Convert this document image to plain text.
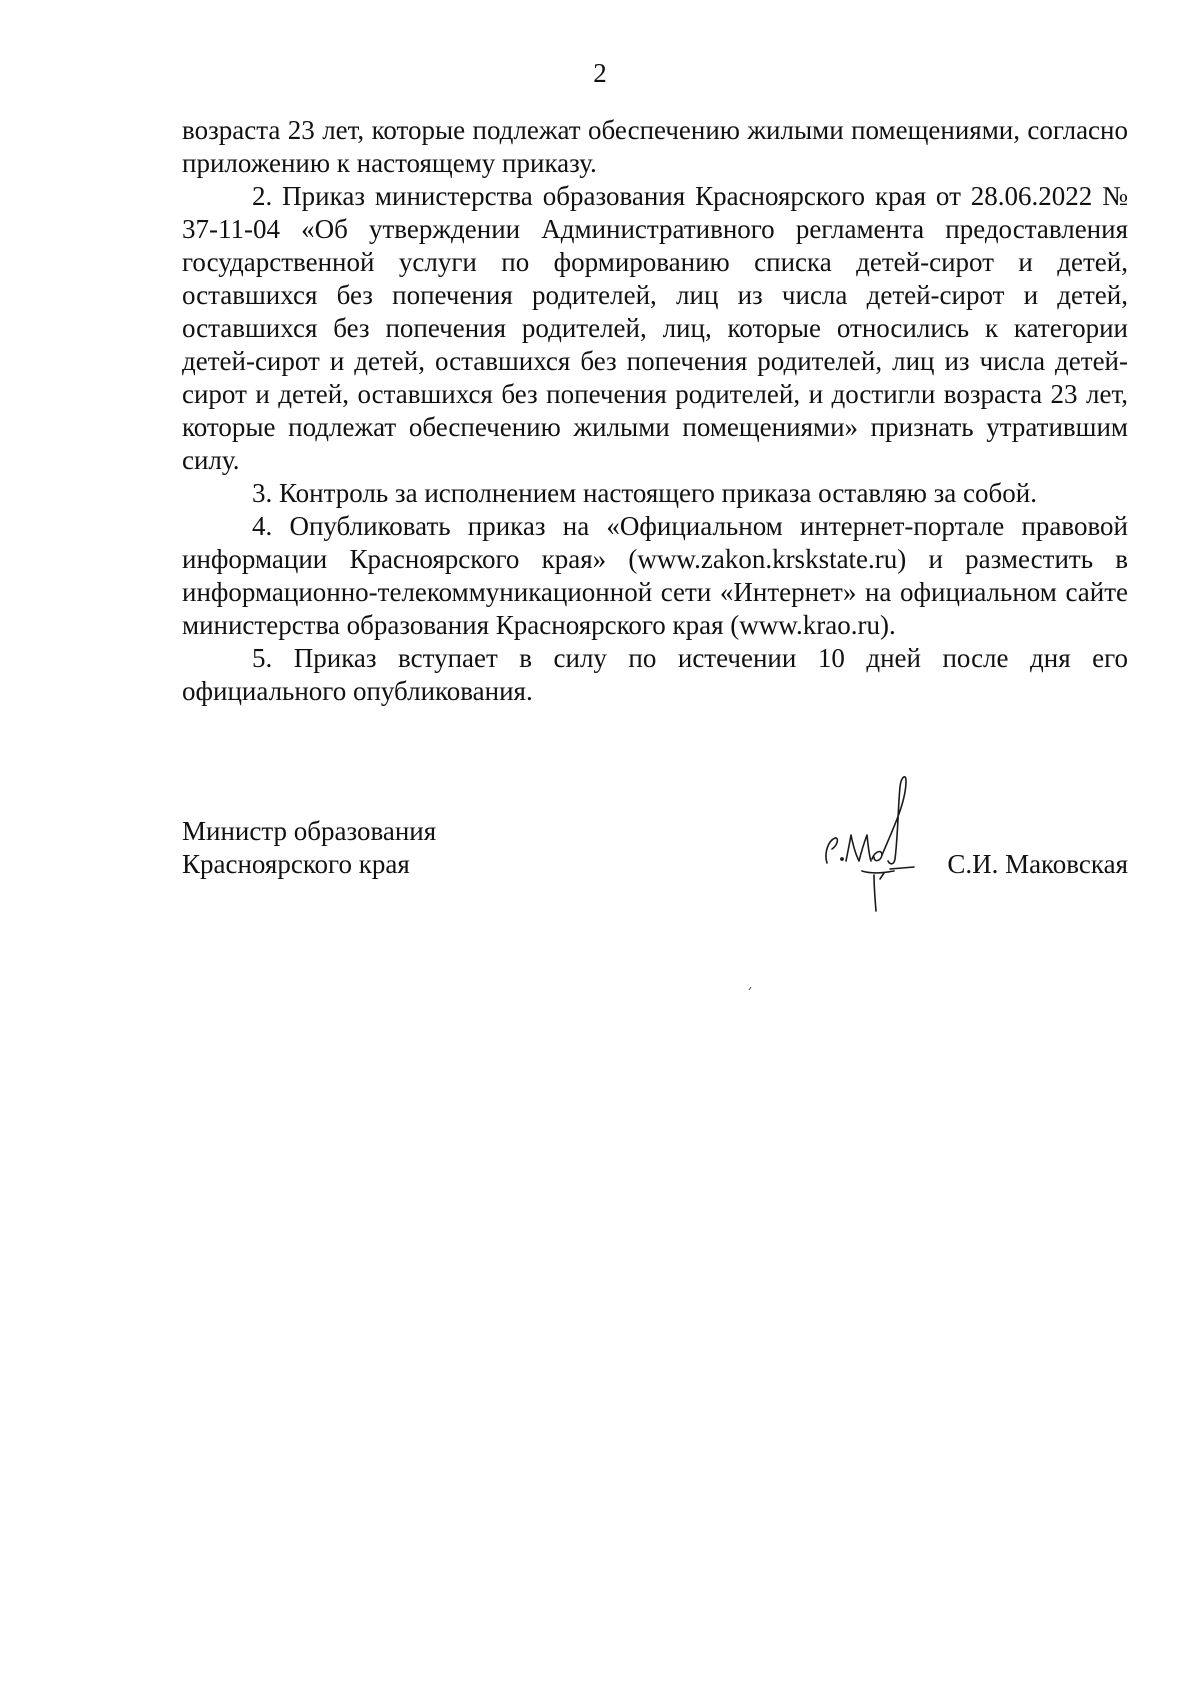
2

возраста 23 лет, которые подлежат обеспечению жилыми помещениями, согласно приложению к настоящему приказу.

2. Приказ министерства образования Красноярского края от 28.06.2022 № 37-11-04 «Об утверждении Административного регламента предоставления государственной услуги по формированию списка детей-сирот и детей, оставшихся без попечения родителей, лиц из числа детей-сирот и детей, оставшихся без попечения родителей, лиц, которые относились к категории детей-сирот и детей, оставшихся без попечения родителей, лиц из числа детей-сирот и детей, оставшихся без попечения родителей, и достигли возраста 23 лет, которые подлежат обеспечению жилыми помещениями» признать утратившим силу.

3. Контроль за исполнением настоящего приказа оставляю за собой.

4. Опубликовать приказ на «Официальном интернет-портале правовой информации Красноярского края» (www.zakon.krskstate.ru) и разместить в информационно-телекоммуникационной сети «Интернет» на официальном сайте министерства образования Красноярского края (www.krao.ru).

5. Приказ вступает в силу по истечении 10 дней после дня его официального опубликования.

Министр образования
Красноярского края	С.И. Маковская
